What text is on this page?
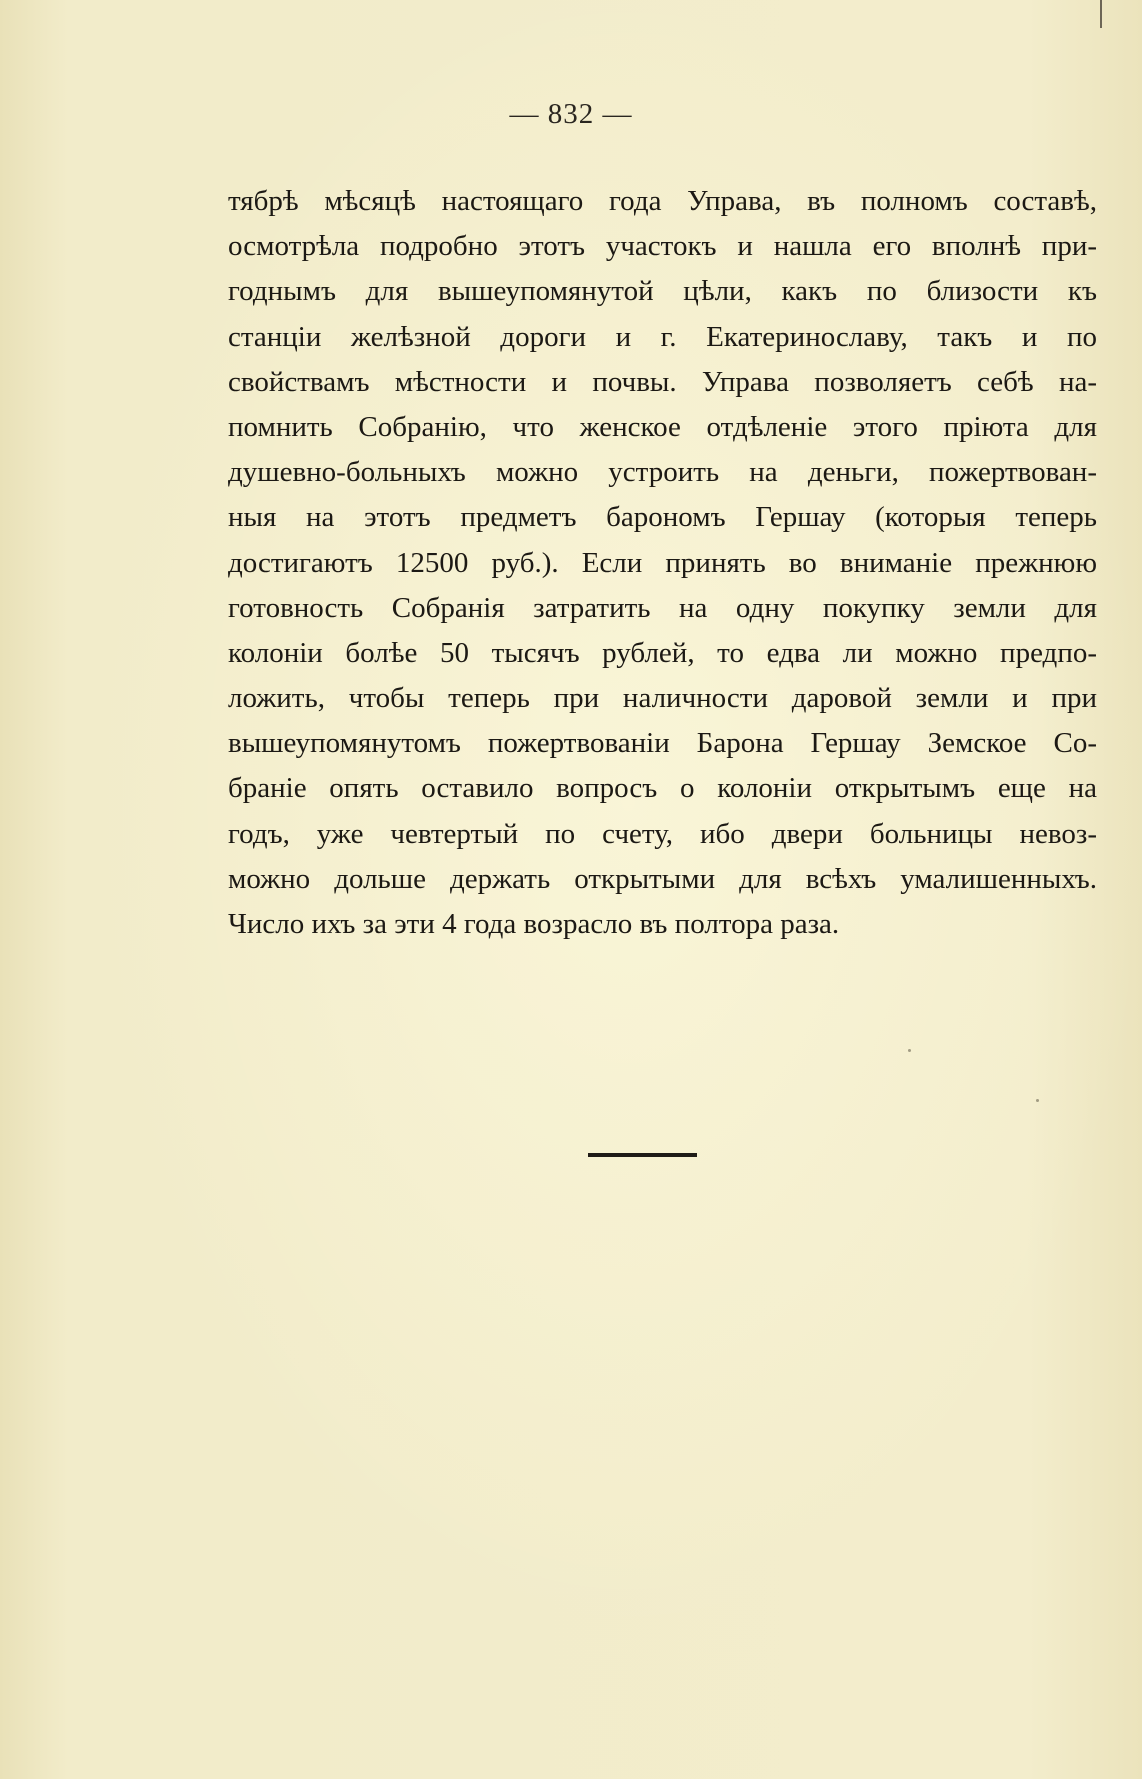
— 832 —
тябрѣ мѣсяцѣ настоящаго года Управа, въ полномъ составѣ,
осмотрѣла подробно этотъ участокъ и нашла его вполнѣ при-
годнымъ для вышеупомянутой цѣли, какъ по близости къ
станціи желѣзной дороги и г. Екатеринославу, такъ и по
свойствамъ мѣстности и почвы. Управа позволяетъ себѣ на-
помнить Собранію, что женское отдѣленіе этого пріюта для
душевно-больныхъ можно устроить на деньги, пожертвован-
ныя на этотъ предметъ барономъ Гершау (которыя теперь
достигаютъ 12500 руб.). Если принять во вниманіе прежнюю
готовность Собранія затратить на одну покупку земли для
колоніи болѣе 50 тысячъ рублей, то едва ли можно предпо-
ложить, чтобы теперь при наличности даровой земли и при
вышеупомянутомъ пожертвованіи Барона Гершау Земское Со-
браніе опять оставило вопросъ о колоніи открытымъ еще на
годъ, уже чевтертый по счету, ибо двери больницы невоз-
можно дольше держать открытыми для всѣхъ умалишенныхъ.
Число ихъ за эти 4 года возрасло въ полтора раза.
